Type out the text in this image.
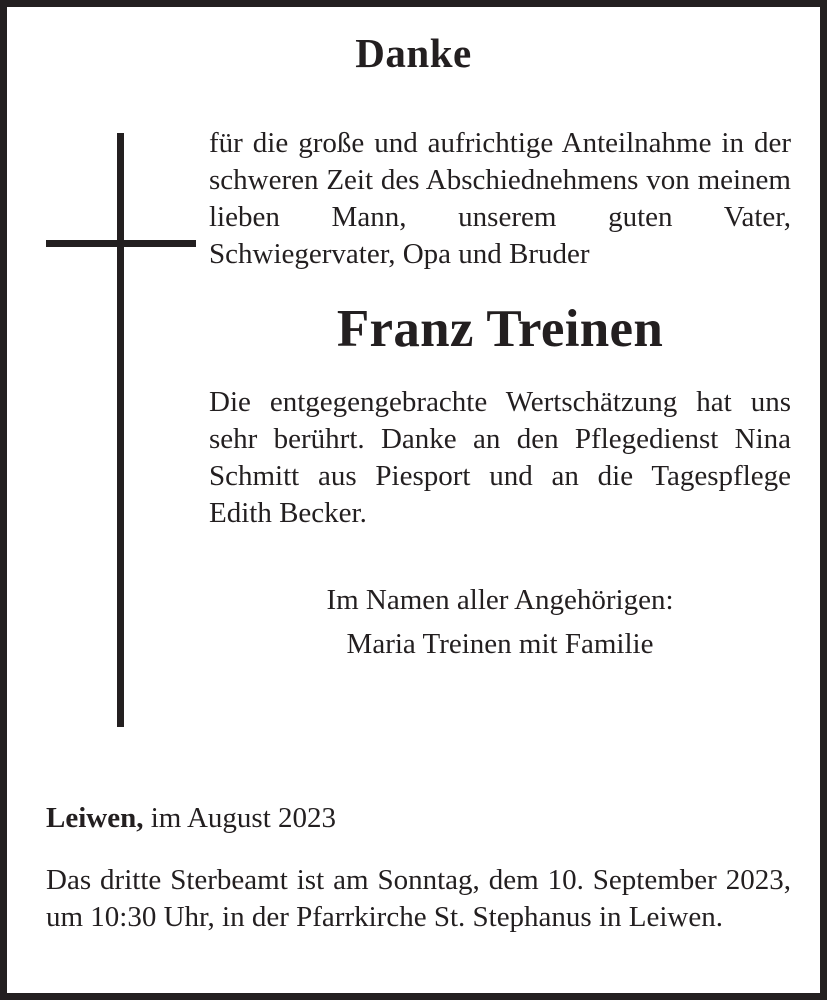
Danke

für die große und aufrichtige Anteilnahme in der schweren Zeit des Abschiednehmens von meinem lieben Mann, unserem guten Vater, Schwiegervater, Opa und Bruder

Franz Treinen

Die entgegengebrachte Wertschätzung hat uns sehr berührt. Danke an den Pflegedienst Nina Schmitt aus Piesport und an die Tagespflege Edith Becker.

Im Namen aller Angehörigen:
Maria Treinen mit Familie

Leiwen, im August 2023

Das dritte Sterbeamt ist am Sonntag, dem 10. September 2023, um 10:30 Uhr, in der Pfarrkirche St. Stephanus in Leiwen.
